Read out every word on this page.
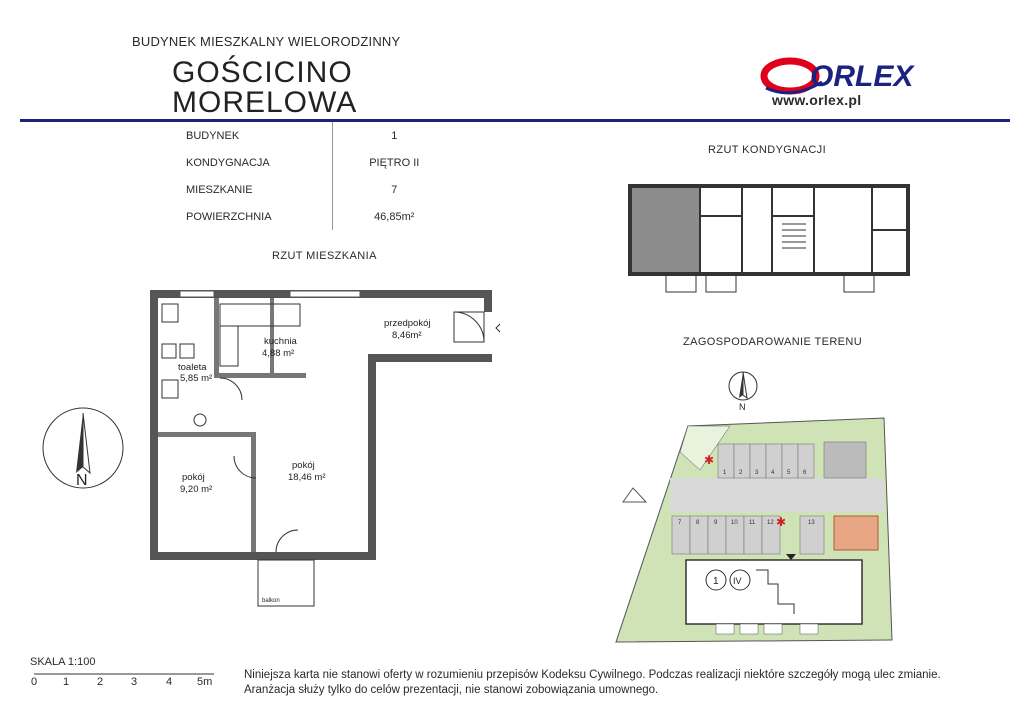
BUDYNEK MIESZKALNY WIELORODZINNY
GOŚCICINO
MORELOWA
ORLEX
www.orlex.pl
BUDYNEK	1
KONDYGNACJA	PIĘTRO II
MIESZKANIE	7
POWIERZCHNIA	46,85m²
RZUT MIESZKANIA
RZUT KONDYGNACJI
ZAGOSPODAROWANIE TERENU
N
przedpokój
8,46m²
kuchnia
4,88 m²
toaleta
5,85 m²
pokój
9,20 m²
pokój
18,46 m²
balkon
N
1 IV
✱
✱
1 2 3 4 5 6
7 8 9 10 11 12	13
SKALA 1:100
0 1	2	3	4 5m
Niniejsza karta nie stanowi oferty w rozumieniu przepisów Kodeksu Cywilnego. Podczas realizacji niektóre szczegóły mogą ulec zmianie.
Aranżacja służy tylko do celów prezentacji, nie stanowi zobowiązania umownego.
